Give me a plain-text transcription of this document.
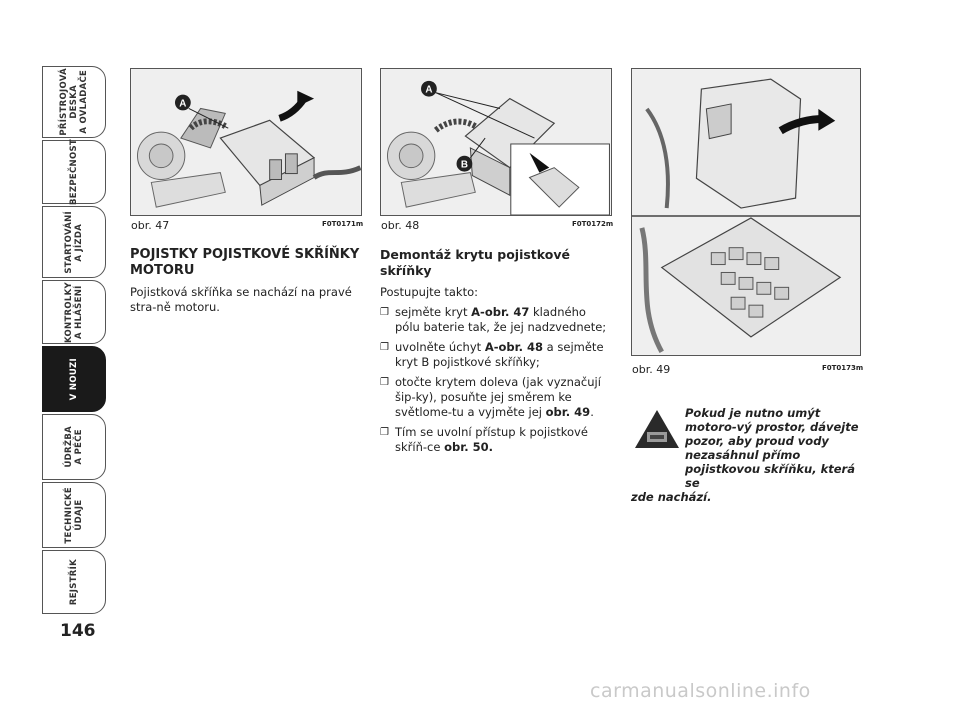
PŘÍSTROJOVÁ
DESKA
A OVLADAČE
BEZPEČNOST
STARTOVÁNÍ
A JÍZDA
KONTROLKY
A HLÁŠENÍ
V NOUZI
ÚDRŽBA
A PÉČE
TECHNICKÉ
ÚDAJE
REJSTŘÍK
146
A
obr. 47	F0T0171m
A
B
obr. 48	F0T0172m
obr. 49	F0T0173m
POJISTKY POJISTKOVÉ SKŘÍŇKY MOTORU
Pojistková skříňka se nachází na pravé stra-ně motoru.
Demontáž krytu pojistkové skříňky
Postupujte takto:
❐ sejměte kryt A-obr. 47 kladného pólu baterie tak, že jej nadzvednete;
❐ uvolněte úchyt A-obr. 48 a sejměte kryt B pojistkové skříňky;
❐ otočte krytem doleva (jak vyznačují šip-ky), posuňte jej směrem ke světlome-tu a vyjměte jej obr. 49.
❐ Tím se uvolní přístup k pojistkové skříň-ce obr. 50.
Pokud je nutno umýt motoro-vý prostor, dávejte pozor, aby proud vody nezasáhnul přímo pojistkovou skříňku, která se
zde nachází.
carmanualsonline.info
